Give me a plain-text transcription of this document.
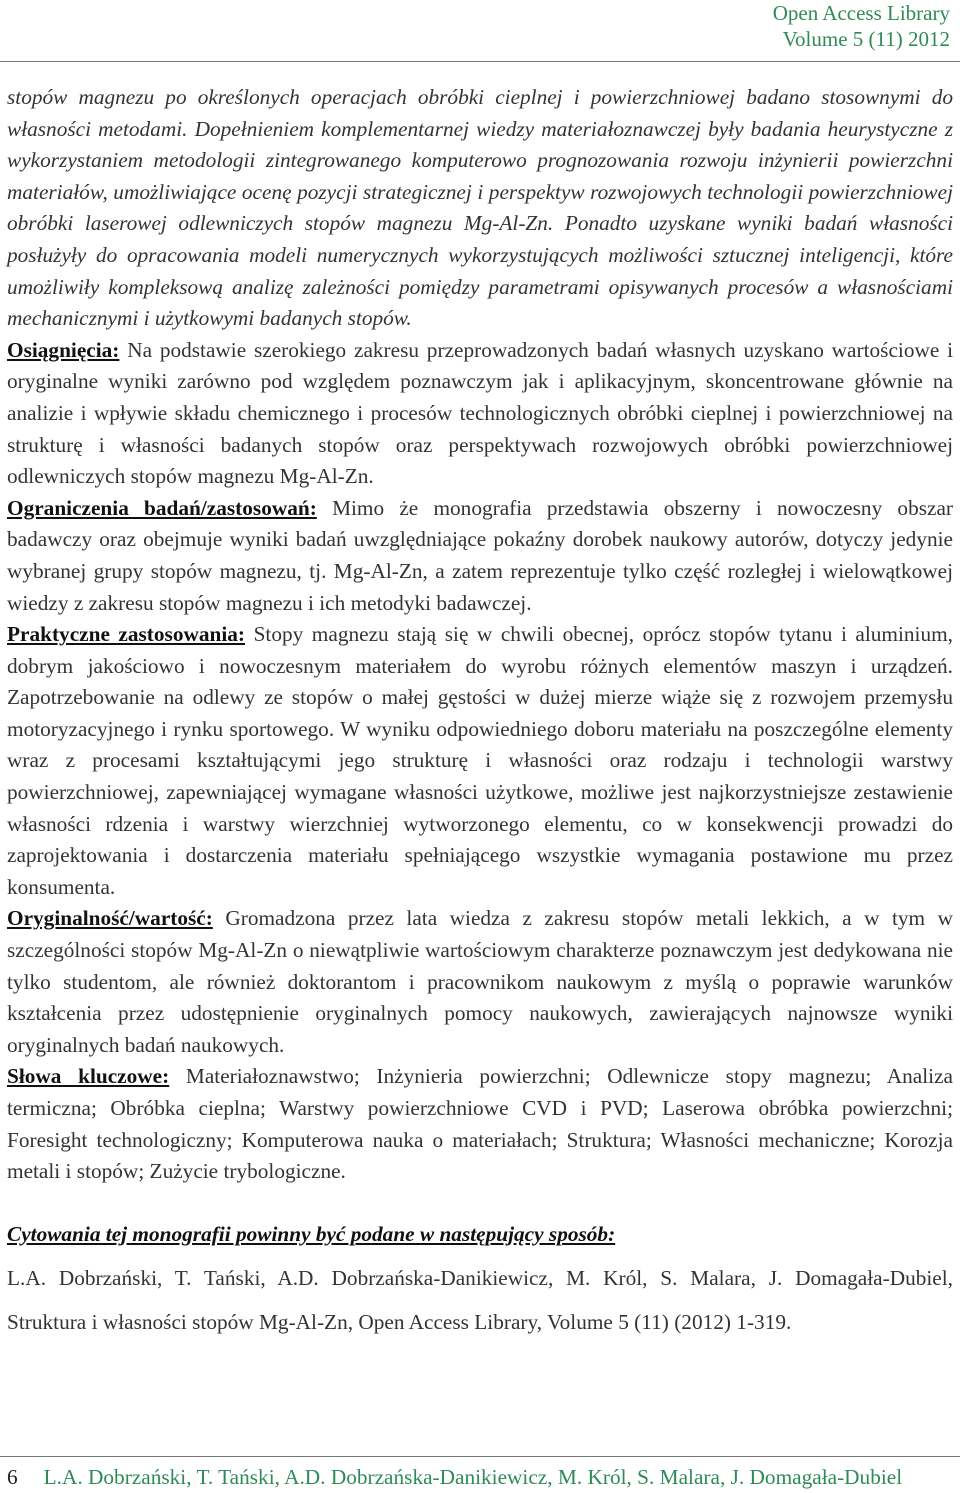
Open Access Library
Volume 5 (11) 2012

stopów magnezu po określonych operacjach obróbki cieplnej i powierzchniowej badano stosownymi do własności metodami. Dopełnieniem komplementarnej wiedzy materiałoznawczej były badania heurystyczne z wykorzystaniem metodologii zintegrowanego komputerowo prognozowania rozwoju inżynierii powierzchni materiałów, umożliwiające ocenę pozycji strategicznej i perspektyw rozwojowych technologii powierzchniowej obróbki laserowej odlewniczych stopów magnezu Mg-Al-Zn. Ponadto uzyskane wyniki badań własności posłużyły do opracowania modeli numerycznych wykorzystujących możliwości sztucznej inteligencji, które umożliwiły kompleksową analizę zależności pomiędzy parametrami opisywanych procesów a własnościami mechanicznymi i użytkowymi badanych stopów.

Osiągnięcia: Na podstawie szerokiego zakresu przeprowadzonych badań własnych uzyskano wartościowe i oryginalne wyniki zarówno pod względem poznawczym jak i aplikacyjnym, skoncentrowane głównie na analizie i wpływie składu chemicznego i procesów technologicznych obróbki cieplnej i powierzchniowej na strukturę i własności badanych stopów oraz perspektywach rozwojowych obróbki powierzchniowej odlewniczych stopów magnezu Mg-Al-Zn.

Ograniczenia badań/zastosowań: Mimo że monografia przedstawia obszerny i nowoczesny obszar badawczy oraz obejmuje wyniki badań uwzględniające pokaźny dorobek naukowy autorów, dotyczy jedynie wybranej grupy stopów magnezu, tj. Mg-Al-Zn, a zatem reprezentuje tylko część rozległej i wielowątkowej wiedzy z zakresu stopów magnezu i ich metodyki badawczej.

Praktyczne zastosowania: Stopy magnezu stają się w chwili obecnej, oprócz stopów tytanu i aluminium, dobrym jakościowo i nowoczesnym materiałem do wyrobu różnych elementów maszyn i urządzeń. Zapotrzebowanie na odlewy ze stopów o małej gęstości w dużej mierze wiąże się z rozwojem przemysłu motoryzacyjnego i rynku sportowego. W wyniku odpowiedniego doboru materiału na poszczególne elementy wraz z procesami kształtującymi jego strukturę i własności oraz rodzaju i technologii warstwy powierzchniowej, zapewniającej wymagane własności użytkowe, możliwe jest najkorzystniejsze zestawienie własności rdzenia i warstwy wierzchniej wytworzonego elementu, co w konsekwencji prowadzi do zaprojektowania i dostarczenia materiału spełniającego wszystkie wymagania postawione mu przez konsumenta.

Oryginalność/wartość: Gromadzona przez lata wiedza z zakresu stopów metali lekkich, a w tym w szczególności stopów Mg-Al-Zn o niewątpliwie wartościowym charakterze poznawczym jest dedykowana nie tylko studentom, ale również doktorantom i pracownikom naukowym z myślą o poprawie warunków kształcenia przez udostępnienie oryginalnych pomocy naukowych, zawierających najnowsze wyniki oryginalnych badań naukowych.

Słowa kluczowe: Materiałoznawstwo; Inżynieria powierzchni; Odlewnicze stopy magnezu; Analiza termiczna; Obróbka cieplna; Warstwy powierzchniowe CVD i PVD; Laserowa obróbka powierzchni; Foresight technologiczny; Komputerowa nauka o materiałach; Struktura; Własności mechaniczne; Korozja metali i stopów; Zużycie trybologiczne.

Cytowania tej monografii powinny być podane w następujący sposób:

L.A. Dobrzański, T. Tański, A.D. Dobrzańska-Danikiewicz, M. Król, S. Malara, J. Domagała-Dubiel, Struktura i własności stopów Mg-Al-Zn, Open Access Library, Volume 5 (11) (2012) 1-319.

6 L.A. Dobrzański, T. Tański, A.D. Dobrzańska-Danikiewicz, M. Król, S. Malara, J. Domagała-Dubiel
